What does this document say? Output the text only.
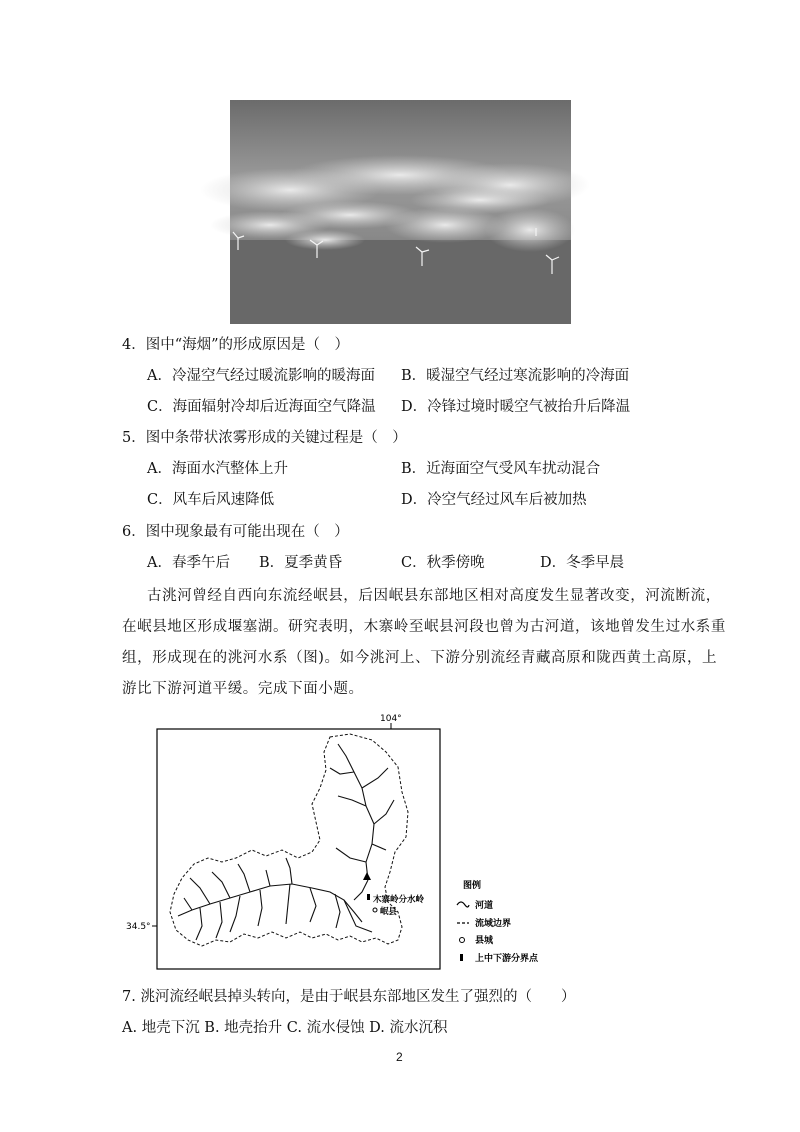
4．图中“海烟”的形成原因是（　）
A．冷湿空气经过暖流影响的暖海面 B．暖湿空气经过寒流影响的冷海面
C．海面辐射冷却后近海面空气降温 D．冷锋过境时暖空气被抬升后降温
5．图中条带状浓雾形成的关键过程是（　）
A．海面水汽整体上升	B．近海面空气受风车扰动混合
C．风车后风速降低	D．冷空气经过风车后被加热
6．图中现象最有可能出现在（　）
A．春季午后 B．夏季黄昏	C．秋季傍晚	D．冬季早晨
古洮河曾经自西向东流经岷县，后因岷县东部地区相对高度发生显著改变，河流断流，
在岷县地区形成堰塞湖。研究表明，木寨岭至岷县河段也曾为古河道，该地曾发生过水系重
组，形成现在的洮河水系（图)。如今洮河上、下游分别流经青藏高原和陇西黄土高原，上
游比下游河道平缓。完成下面小题。
104°
34.5°
木寨岭分水岭
岷县
图例
河道
流域边界
县城
上中下游分界点
7. 洮河流经岷县掉头转向，是由于岷县东部地区发生了强烈的（　　）
A. 地壳下沉 B. 地壳抬升 C. 流水侵蚀 D. 流水沉积
2
